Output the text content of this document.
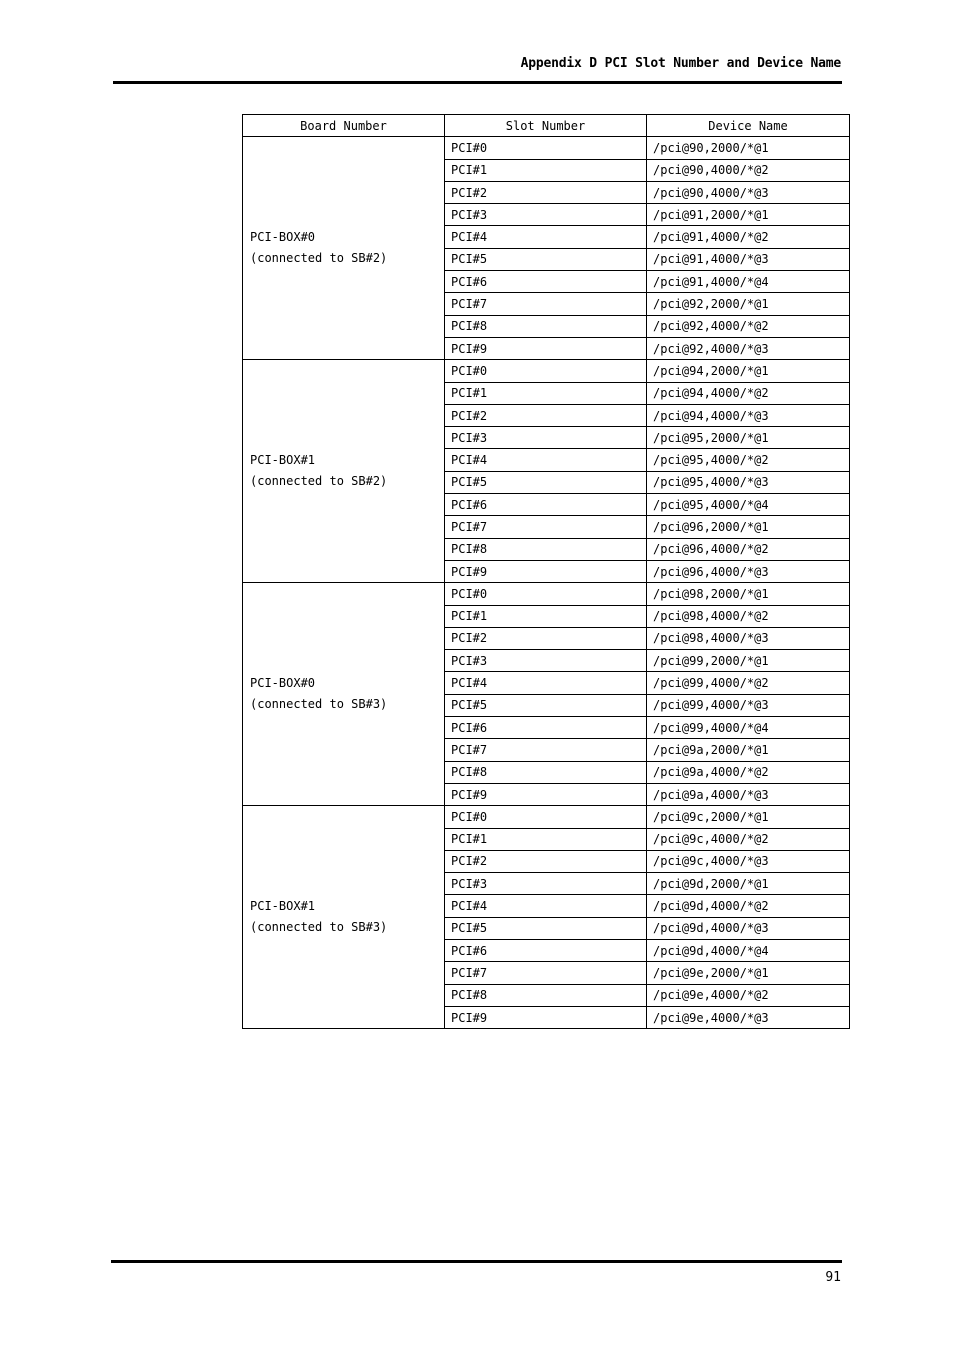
Appendix D PCI Slot Number and Device Name
Board Number	Slot Number	Device Name

PCI-BOX#0
(connected to SB#2)	PCI#0	/pci@90,2000/*@1
	PCI#1	/pci@90,4000/*@2
	PCI#2	/pci@90,4000/*@3
	PCI#3	/pci@91,2000/*@1
	PCI#4	/pci@91,4000/*@2
	PCI#5	/pci@91,4000/*@3
	PCI#6	/pci@91,4000/*@4
	PCI#7	/pci@92,2000/*@1
	PCI#8	/pci@92,4000/*@2
	PCI#9	/pci@92,4000/*@3

PCI-BOX#1
(connected to SB#2)	PCI#0	/pci@94,2000/*@1
	PCI#1	/pci@94,4000/*@2
	PCI#2	/pci@94,4000/*@3
	PCI#3	/pci@95,2000/*@1
	PCI#4	/pci@95,4000/*@2
	PCI#5	/pci@95,4000/*@3
	PCI#6	/pci@95,4000/*@4
	PCI#7	/pci@96,2000/*@1
	PCI#8	/pci@96,4000/*@2
	PCI#9	/pci@96,4000/*@3

PCI-BOX#0
(connected to SB#3)	PCI#0	/pci@98,2000/*@1
	PCI#1	/pci@98,4000/*@2
	PCI#2	/pci@98,4000/*@3
	PCI#3	/pci@99,2000/*@1
	PCI#4	/pci@99,4000/*@2
	PCI#5	/pci@99,4000/*@3
	PCI#6	/pci@99,4000/*@4
	PCI#7	/pci@9a,2000/*@1
	PCI#8	/pci@9a,4000/*@2
	PCI#9	/pci@9a,4000/*@3

PCI-BOX#1
(connected to SB#3)	PCI#0	/pci@9c,2000/*@1
	PCI#1	/pci@9c,4000/*@2
	PCI#2	/pci@9c,4000/*@3
	PCI#3	/pci@9d,2000/*@1
	PCI#4	/pci@9d,4000/*@2
	PCI#5	/pci@9d,4000/*@3
	PCI#6	/pci@9d,4000/*@4
	PCI#7	/pci@9e,2000/*@1
	PCI#8	/pci@9e,4000/*@2
	PCI#9	/pci@9e,4000/*@3
91
